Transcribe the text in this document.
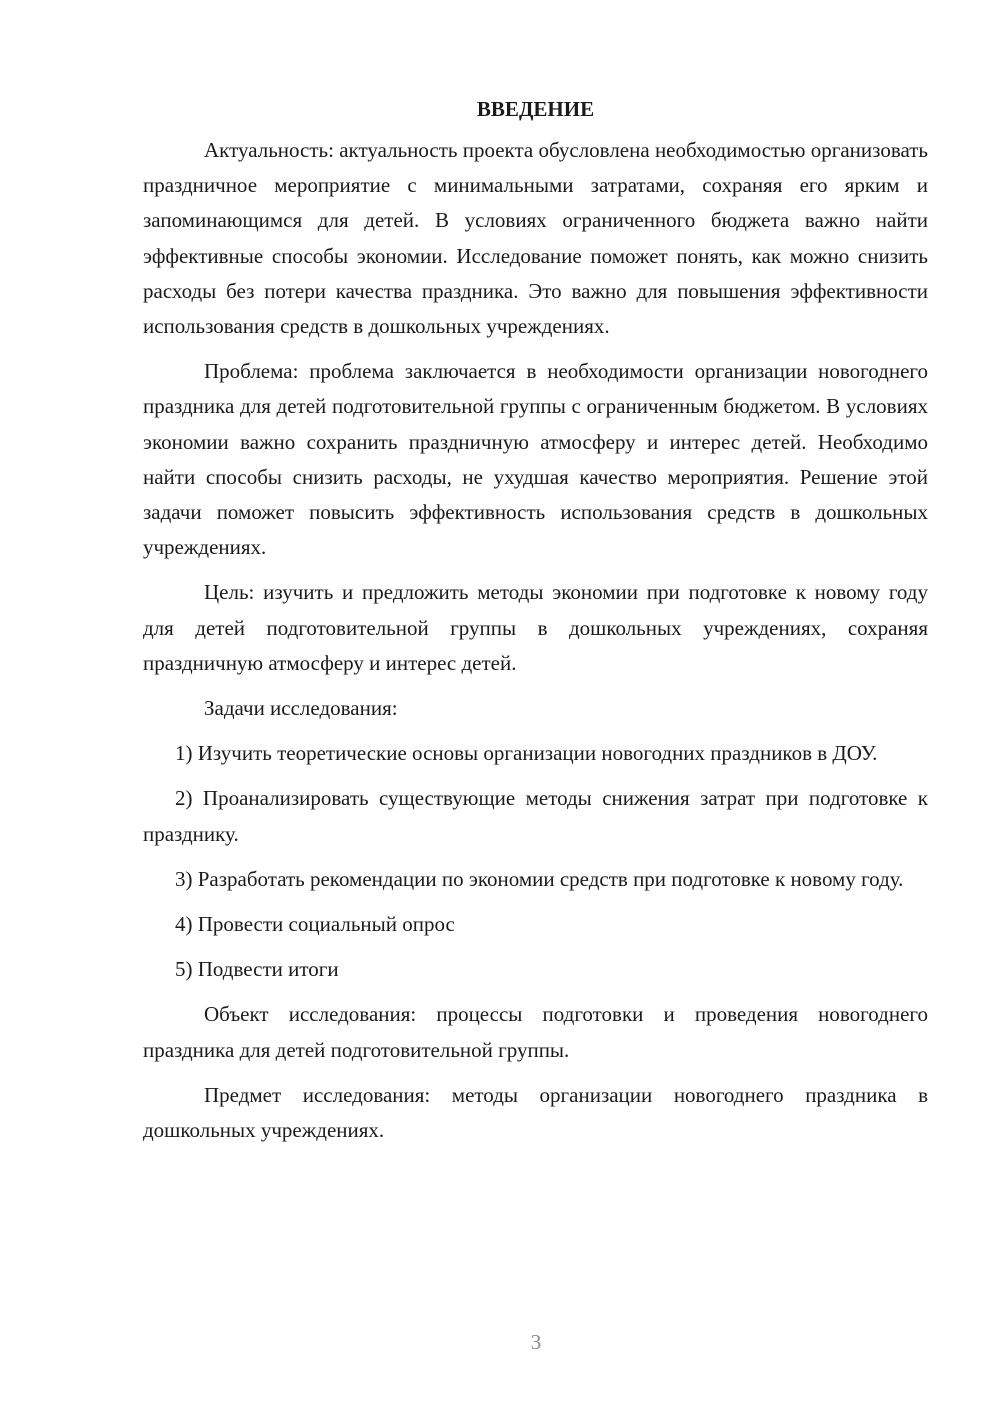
ВВЕДЕНИЕ

Актуальность: актуальность проекта обусловлена необходимостью организовать праздничное мероприятие с минимальными затратами, сохраняя его ярким и запоминающимся для детей. В условиях ограниченного бюджета важно найти эффективные способы экономии. Исследование поможет понять, как можно снизить расходы без потери качества праздника. Это важно для повышения эффективности использования средств в дошкольных учреждениях.

Проблема: проблема заключается в необходимости организации новогоднего праздника для детей подготовительной группы с ограниченным бюджетом. В условиях экономии важно сохранить праздничную атмосферу и интерес детей. Необходимо найти способы снизить расходы, не ухудшая качество мероприятия. Решение этой задачи поможет повысить эффективность использования средств в дошкольных учреждениях.

Цель: изучить и предложить методы экономии при подготовке к новому году для детей подготовительной группы в дошкольных учреждениях, сохраняя праздничную атмосферу и интерес детей.

Задачи исследования:

1) Изучить теоретические основы организации новогодних праздников в ДОУ.

2) Проанализировать существующие методы снижения затрат при подготовке к празднику.

3) Разработать рекомендации по экономии средств при подготовке к новому году.

4) Провести социальный опрос

5) Подвести итоги

Объект исследования: процессы подготовки и проведения новогоднего праздника для детей подготовительной группы.

Предмет исследования: методы организации новогоднего праздника в дошкольных учреждениях.

3
